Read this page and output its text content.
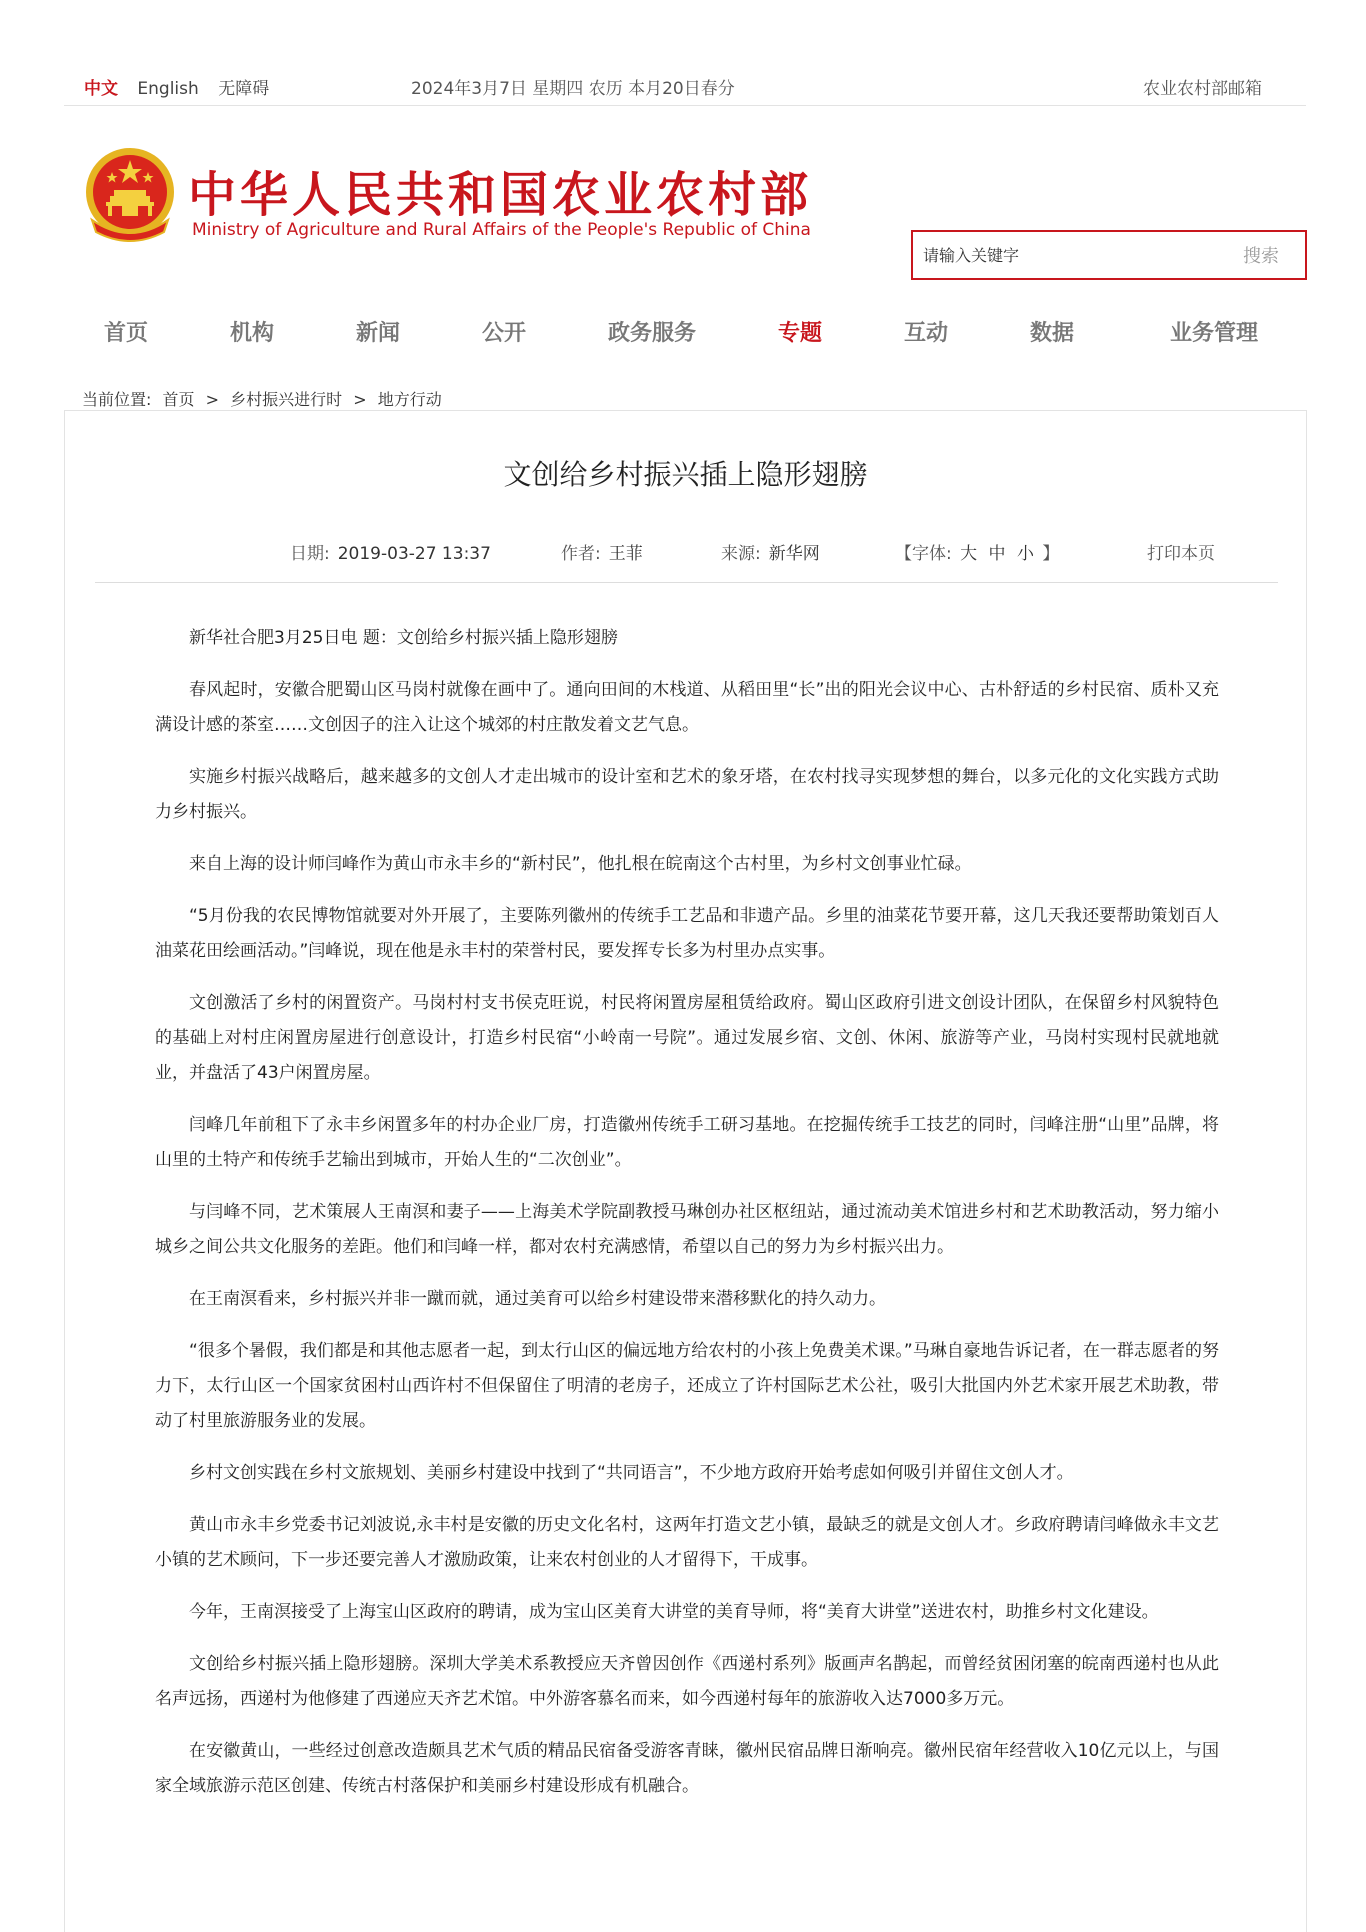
中文 English 无障碍	2024年3月7日 星期四 农历 本月20日春分	农业农村部邮箱
中华人民共和国农业农村部
Ministry of Agriculture and Rural Affairs of the People's Republic of China
请输入关键字
搜索
首页	机构	新闻	公开	政务服务	专题	互动	数据	业务管理
当前位置: 首页 > 乡村振兴进行时 > 地方行动
文创给乡村振兴插上隐形翅膀
日期: 2019-03-27 13:37	作者: 王菲	来源: 新华网	【字体: 大 中 小 】	打印本页

新华社合肥3月25日电 题：文创给乡村振兴插上隐形翅膀

春风起时，安徽合肥蜀山区马岗村就像在画中了。通向田间的木栈道、从稻田里“长”出的阳光会议中心、古朴舒适的乡村民宿、质朴又充满设计感的茶室……文创因子的注入让这个城郊的村庄散发着文艺气息。

实施乡村振兴战略后，越来越多的文创人才走出城市的设计室和艺术的象牙塔，在农村找寻实现梦想的舞台，以多元化的文化实践方式助力乡村振兴。

来自上海的设计师闫峰作为黄山市永丰乡的“新村民”，他扎根在皖南这个古村里，为乡村文创事业忙碌。

“5月份我的农民博物馆就要对外开展了，主要陈列徽州的传统手工艺品和非遗产品。乡里的油菜花节要开幕，这几天我还要帮助策划百人油菜花田绘画活动。”闫峰说，现在他是永丰村的荣誉村民，要发挥专长多为村里办点实事。

文创激活了乡村的闲置资产。马岗村村支书侯克旺说，村民将闲置房屋租赁给政府。蜀山区政府引进文创设计团队，在保留乡村风貌特色的基础上对村庄闲置房屋进行创意设计，打造乡村民宿“小岭南一号院”。通过发展乡宿、文创、休闲、旅游等产业，马岗村实现村民就地就业，并盘活了43户闲置房屋。

闫峰几年前租下了永丰乡闲置多年的村办企业厂房，打造徽州传统手工研习基地。在挖掘传统手工技艺的同时，闫峰注册“山里”品牌，将山里的土特产和传统手艺输出到城市，开始人生的“二次创业”。

与闫峰不同，艺术策展人王南溟和妻子——上海美术学院副教授马琳创办社区枢纽站，通过流动美术馆进乡村和艺术助教活动，努力缩小城乡之间公共文化服务的差距。他们和闫峰一样，都对农村充满感情，希望以自己的努力为乡村振兴出力。

在王南溟看来，乡村振兴并非一蹴而就，通过美育可以给乡村建设带来潜移默化的持久动力。

“很多个暑假，我们都是和其他志愿者一起，到太行山区的偏远地方给农村的小孩上免费美术课。”马琳自豪地告诉记者，在一群志愿者的努力下，太行山区一个国家贫困村山西许村不但保留住了明清的老房子，还成立了许村国际艺术公社，吸引大批国内外艺术家开展艺术助教，带动了村里旅游服务业的发展。

乡村文创实践在乡村文旅规划、美丽乡村建设中找到了“共同语言”，不少地方政府开始考虑如何吸引并留住文创人才。

黄山市永丰乡党委书记刘波说,永丰村是安徽的历史文化名村，这两年打造文艺小镇，最缺乏的就是文创人才。乡政府聘请闫峰做永丰文艺小镇的艺术顾问，下一步还要完善人才激励政策，让来农村创业的人才留得下，干成事。

今年，王南溟接受了上海宝山区政府的聘请，成为宝山区美育大讲堂的美育导师，将“美育大讲堂”送进农村，助推乡村文化建设。

文创给乡村振兴插上隐形翅膀。深圳大学美术系教授应天齐曾因创作《西递村系列》版画声名鹊起，而曾经贫困闭塞的皖南西递村也从此名声远扬，西递村为他修建了西递应天齐艺术馆。中外游客慕名而来，如今西递村每年的旅游收入达7000多万元。

在安徽黄山，一些经过创意改造颇具艺术气质的精品民宿备受游客青睐，徽州民宿品牌日渐响亮。徽州民宿年经营收入10亿元以上，与国家全域旅游示范区创建、传统古村落保护和美丽乡村建设形成有机融合。
